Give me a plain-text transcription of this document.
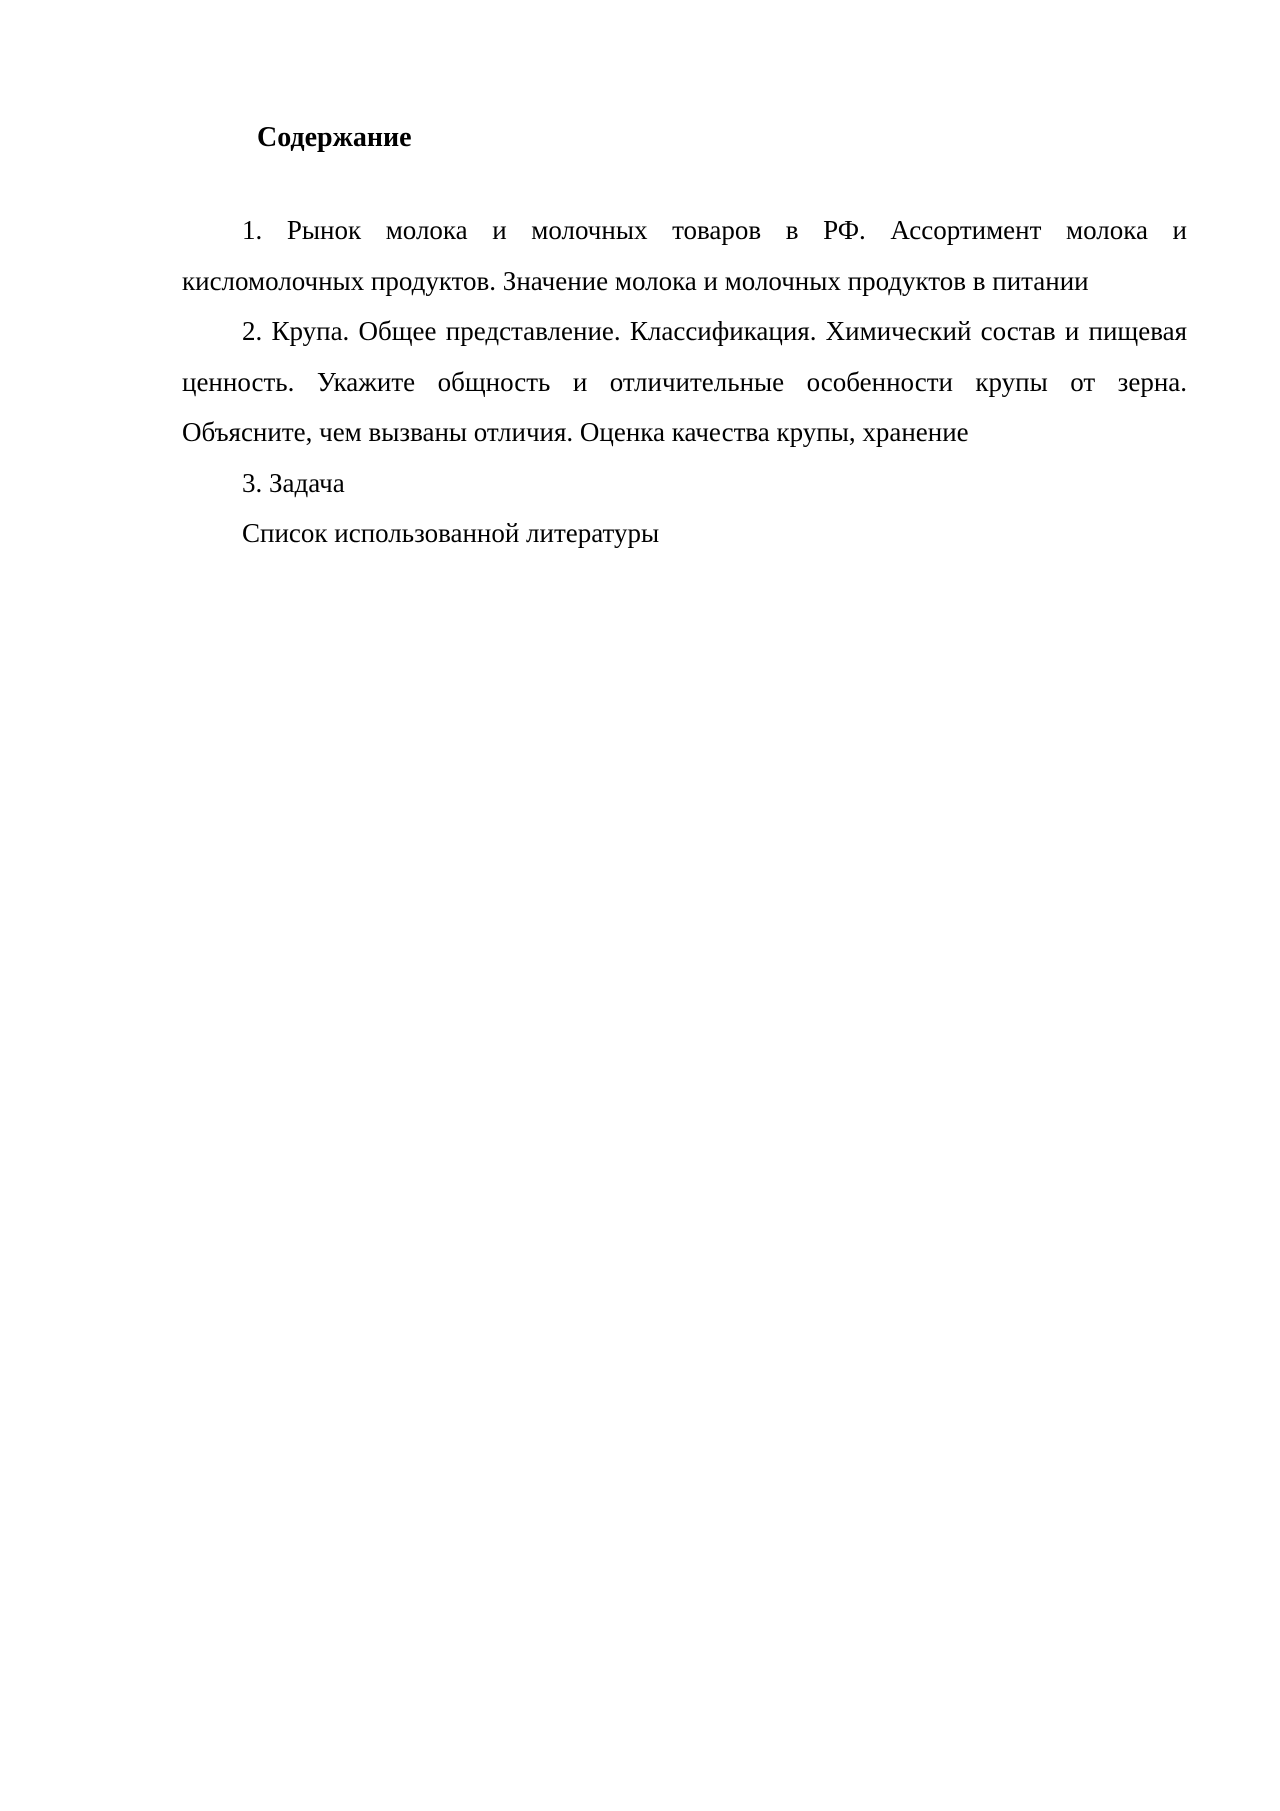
Содержание

1. Рынок молока и молочных товаров в РФ. Ассортимент молока и кисломолочных продуктов. Значение молока и молочных продуктов в питании

2. Крупа. Общее представление. Классификация. Химический состав и пищевая ценность. Укажите общность и отличительные особенности крупы от зерна. Объясните, чем вызваны отличия. Оценка качества крупы, хранение

3. Задача

Список использованной литературы
